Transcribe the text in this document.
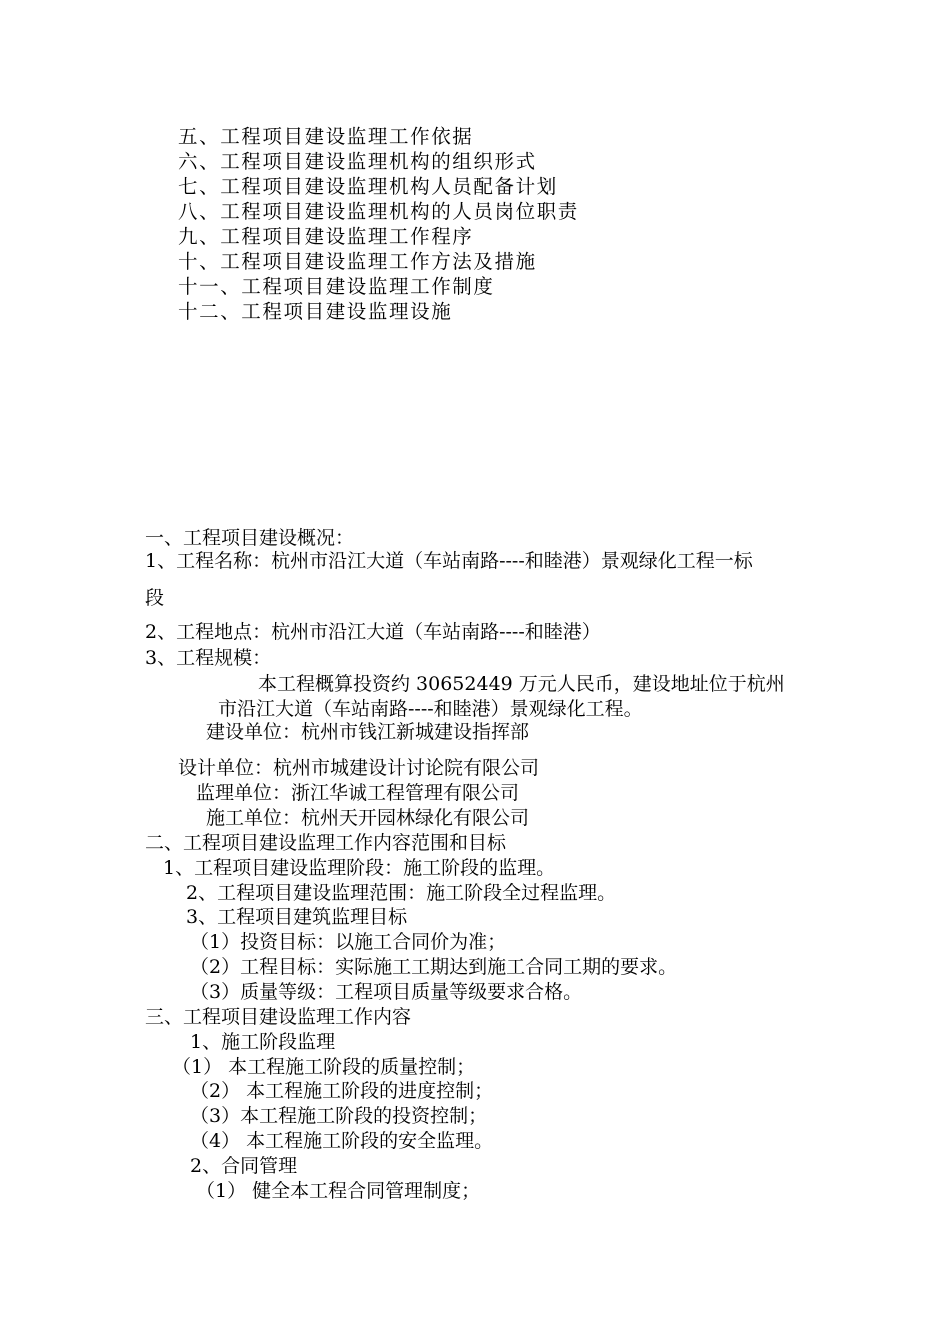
五、工程项目建设监理工作依据
六、工程项目建设监理机构的组织形式
七、工程项目建设监理机构人员配备计划
八、工程项目建设监理机构的人员岗位职责
九、工程项目建设监理工作程序
十、工程项目建设监理工作方法及措施
十一、工程项目建设监理工作制度
十二、工程项目建设监理设施
一、工程项目建设概况：
1、工程名称：杭州市沿江大道（车站南路----和睦港）景观绿化工程一标
段
2、工程地点：杭州市沿江大道（车站南路----和睦港）
3、工程规模：
本工程概算投资约 30652449 万元人民币，建设地址位于杭州
市沿江大道（车站南路----和睦港）景观绿化工程。
建设单位：杭州市钱江新城建设指挥部
设计单位：杭州市城建设计讨论院有限公司
监理单位：浙江华诚工程管理有限公司
施工单位：杭州天开园林绿化有限公司
二、工程项目建设监理工作内容范围和目标
1、工程项目建设监理阶段：施工阶段的监理。
2、工程项目建设监理范围：施工阶段全过程监理。
3、工程项目建筑监理目标
（1）投资目标：以施工合同价为准；
（2）工程目标：实际施工工期达到施工合同工期的要求。
（3）质量等级：工程项目质量等级要求合格。
三、工程项目建设监理工作内容
1、施工阶段监理
（1） 本工程施工阶段的质量控制；
（2） 本工程施工阶段的进度控制；
（3）本工程施工阶段的投资控制；
（4） 本工程施工阶段的安全监理。
2、合同管理
（1） 健全本工程合同管理制度；
